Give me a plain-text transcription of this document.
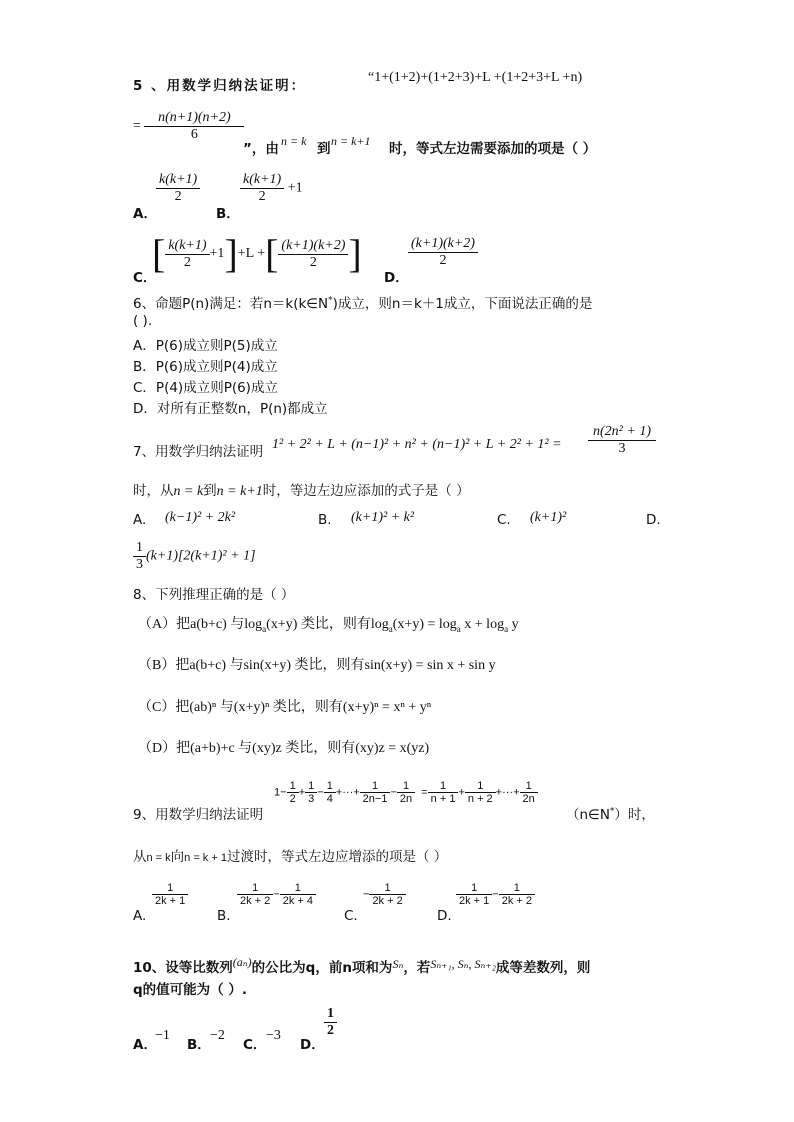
5 、用数学归纳法证明：
“1+(1+2)+(1+2+3)+L +(1+2+3+L +n)
= $\frac{n(n+1)(n+2)}{6}$
”，由 n = k 到 n = k+1 时，等式左边需要添加的项是（ ）
A．
$\frac{k(k+1)}{2}$
B．
$\frac{k(k+1)}{2} +1$
C．
[ $\frac{k(k+1)}{2} +1]+L$ +[ $\frac{(k+1)(k+2)}{2}$ ]
D．
$\frac{(k+1)(k+2)}{2}$
6、命题P(n)满足：若n＝k(k∈N*)成立，则n＝k＋1成立，下面说法正确的是
( ).
A．P(6)成立则P(5)成立
B．P(6)成立则P(4)成立
C．P(4)成立则P(6)成立
D．对所有正整数n，P(n)都成立
7、用数学归纳法证明 $1^2 + 2^2 + L + (n-1)^2 + n^2 + (n-1)^2 + L + 2^2 + 1^2 = \frac{\text{n(2n² + 1)}}{3}$
时，从n = k到n = k+1时，等边左边应添加的式子是（ ）
A. (k−1)² + 2k²	B. (k+1)² + k²	C. (k+1)²	D.
$\frac{1}{3} (k+1)[2(k+1)^2 + 1]$
8、下列推理正确的是（ ）
（A）把a(b+c) 与$\log_a(x+y)$ 类比，则有$\log_a(x+y) = \log_a x + \log_a y$
（B）把a(b+c) 与sin(x+y) 类比，则有sin(x+y) = sin x + sin y
（C）把(ab)ⁿ 与(x+y)ⁿ 类比，则有(x+y)ⁿ = xⁿ + yⁿ
（D）把(a+b)+c 与(xy)z 类比，则有(xy)z = x(yz)
9、用数学归纳法证明
$1- \frac{1}{2} + \frac{1}{3} - \frac{1}{4}$ +···+ $\frac{1}{2n-1} - \frac{1}{2n} = \frac{1}{n + 1} + \frac{1}{n + 2}$ +···+ $\frac{1}{2n}$
（n∈N*）时，
从n = k向n = k + 1过渡时，等式左边应增添的项是（ ）
A.
$\frac{1}{2k + 1}$
B.
$\frac{1}{2k + 2} - \frac{1}{2k + 4}$
C.
− $\frac{1}{2k + 2}$
D.
$\frac{1}{2k + 1} - \frac{1}{2k + 2}$
10、设等比数列(aₙ)的公比为q，前n项和为Sₙ，若Sₙ₊₁, Sₙ, Sₙ₊₂成等差数列，则
q的值可能为（ ）.
A．
−1
B．
−2
C．
−3
D．
$\frac{1}{2}$
